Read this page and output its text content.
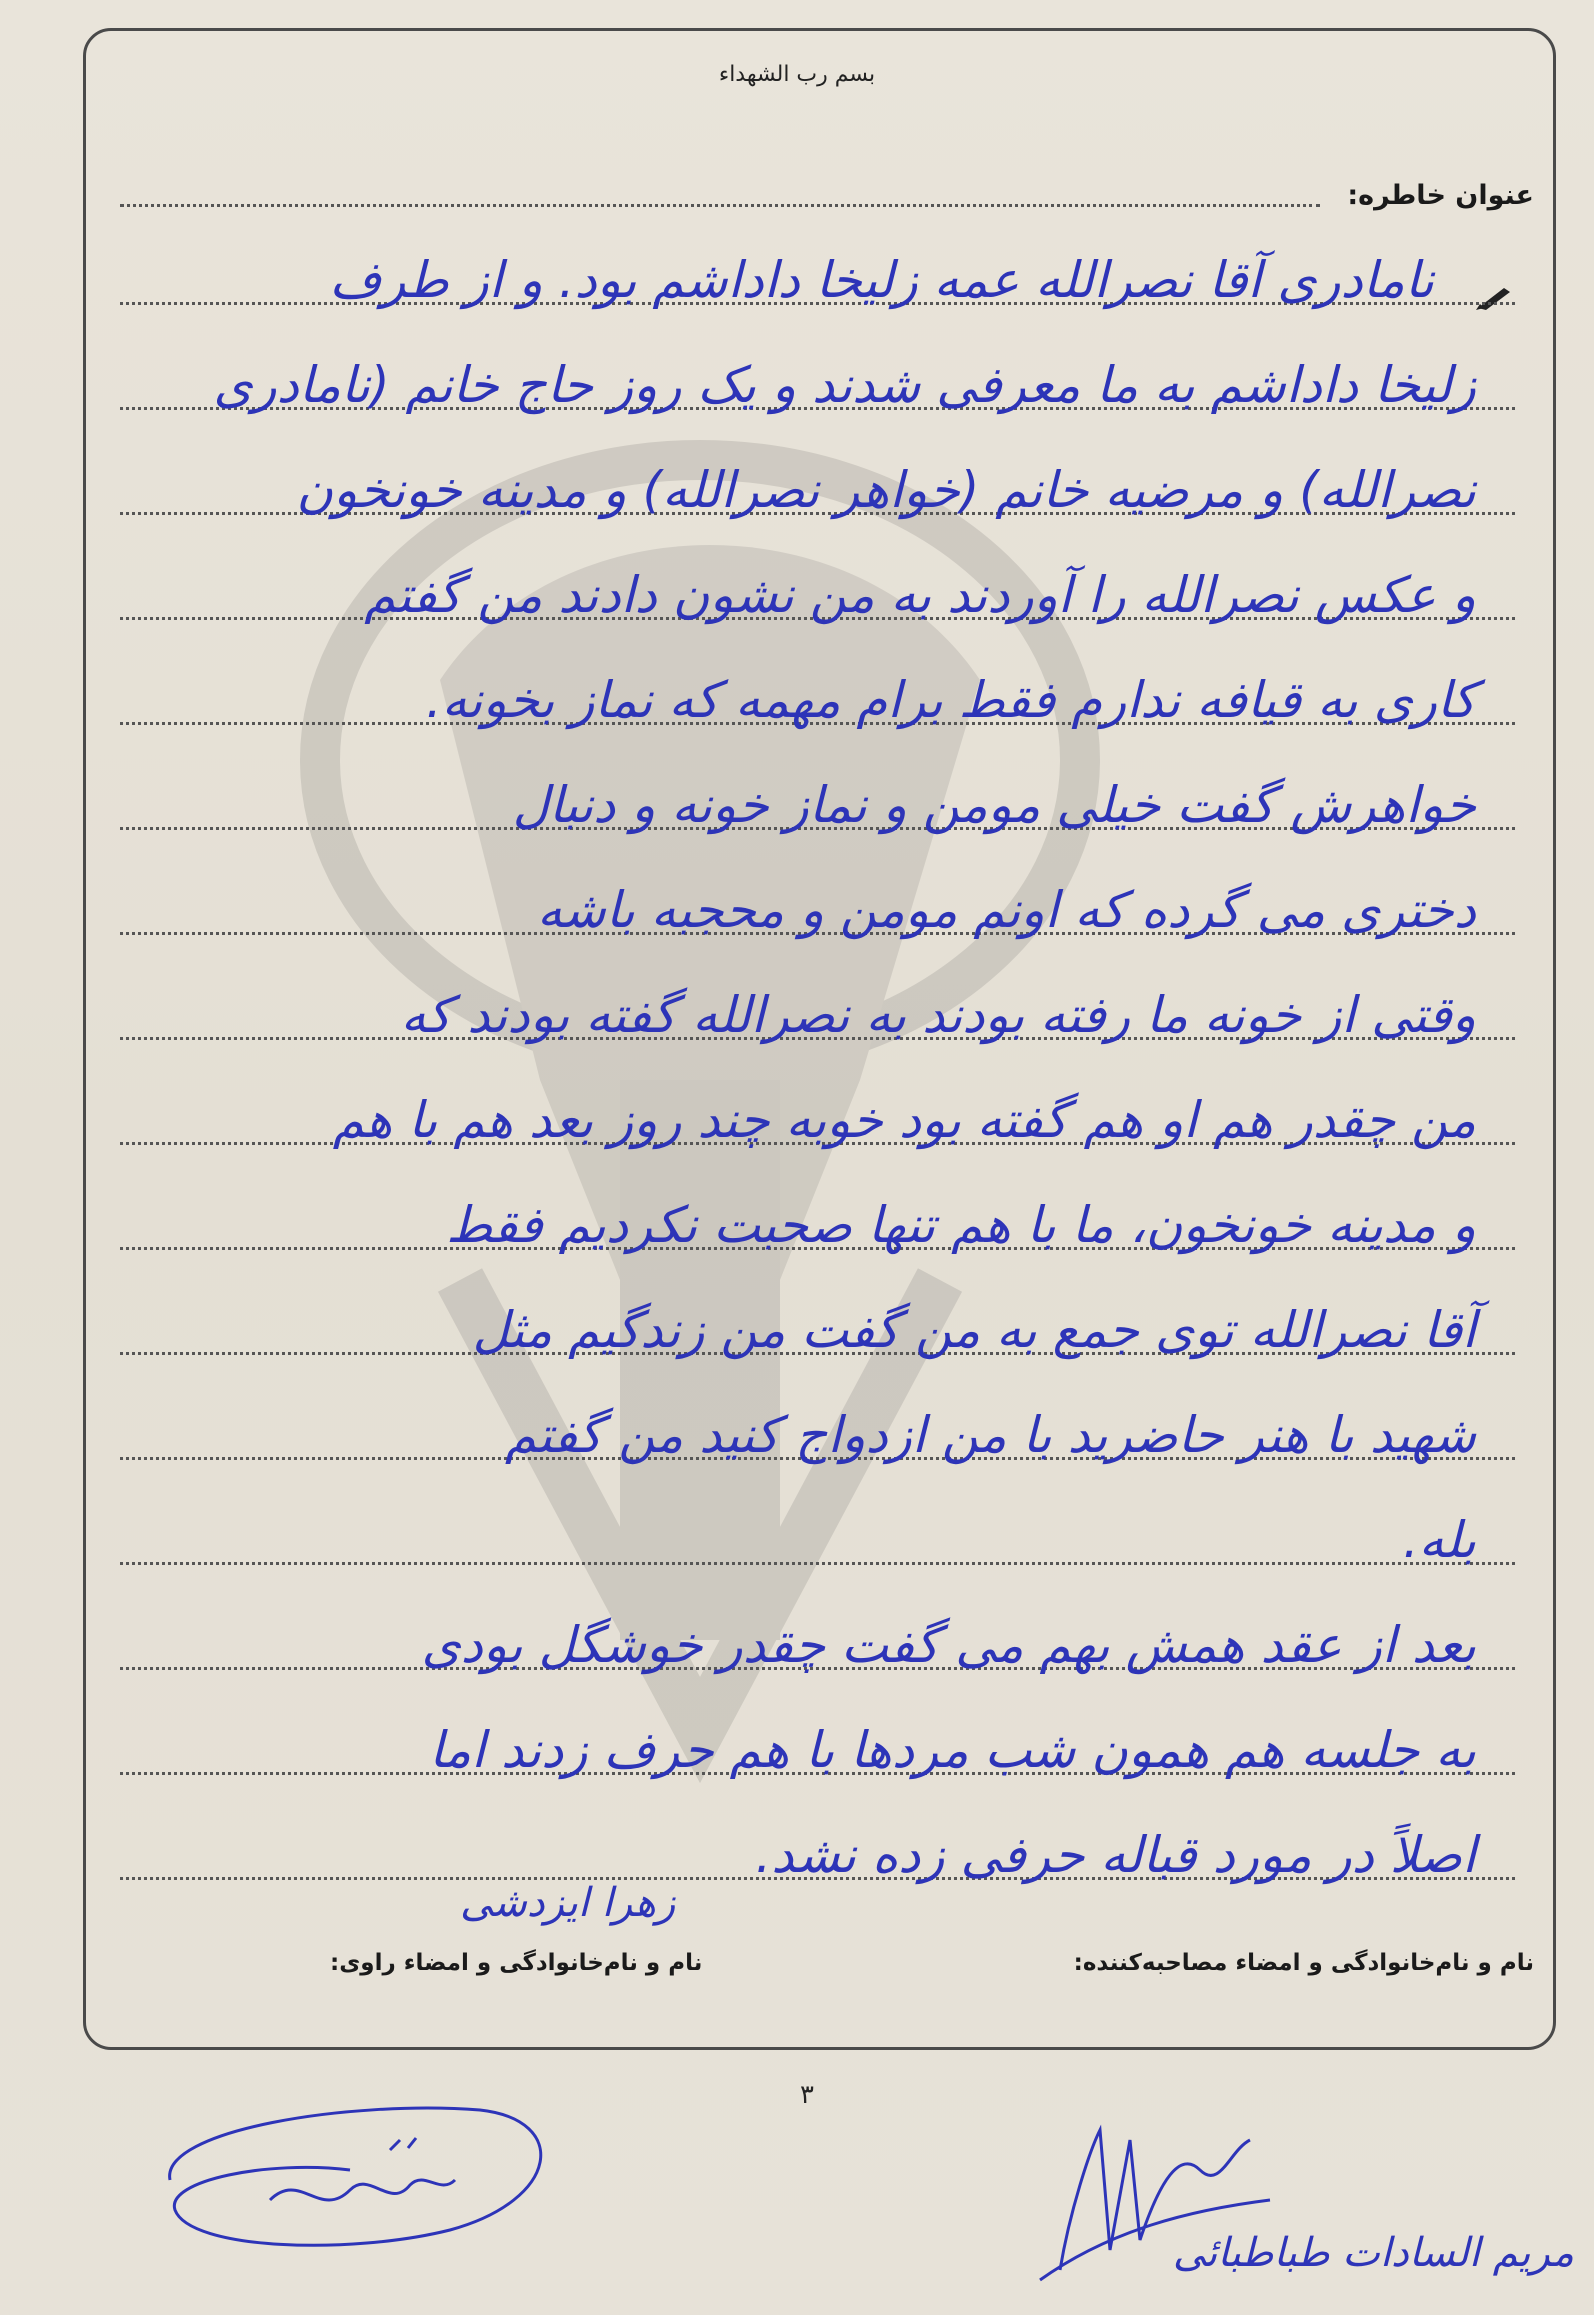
بسم رب الشهداء
عنوان خاطره:
نامادری آقا نصرالله عمه زلیخا داداشم بود. و از طرف
زلیخا داداشم به ما معرفی شدند و یک روز حاج خانم (نامادری
نصرالله) و مرضیه خانم (خواهر نصرالله) و مدینه خونخون
و عکس نصرالله را آوردند به من نشون دادند من گفتم
کاری به قیافه ندارم فقط برام مهمه که نماز بخونه.
خواهرش گفت خیلی مومن و نماز خونه و دنبال
دختری می گرده که اونم مومن و محجبه باشه
وقتی از خونه ما رفته بودند به نصرالله گفته بودند که
من چقدر هم او هم گفته بود خوبه چند روز بعد هم با هم
و مدینه خونخون، ما با هم تنها صحبت نکردیم فقط
آقا نصرالله توی جمع به من گفت من زندگیم مثل
شهید با هنر حاضرید با من ازدواج کنید من گفتم
بله.
بعد از عقد همش بهم می گفت چقدر خوشگل بودی
به جلسه هم همون شب مردها با هم حرف زدند اما
اصلاً در مورد قباله حرفی زده نشد.
زهرا ایزدشی
نام و نام‌خانوادگی و امضاء مصاحبه‌کننده:
نام و نام‌خانوادگی و امضاء راوی:
۳
مریم السادات طباطبائی
